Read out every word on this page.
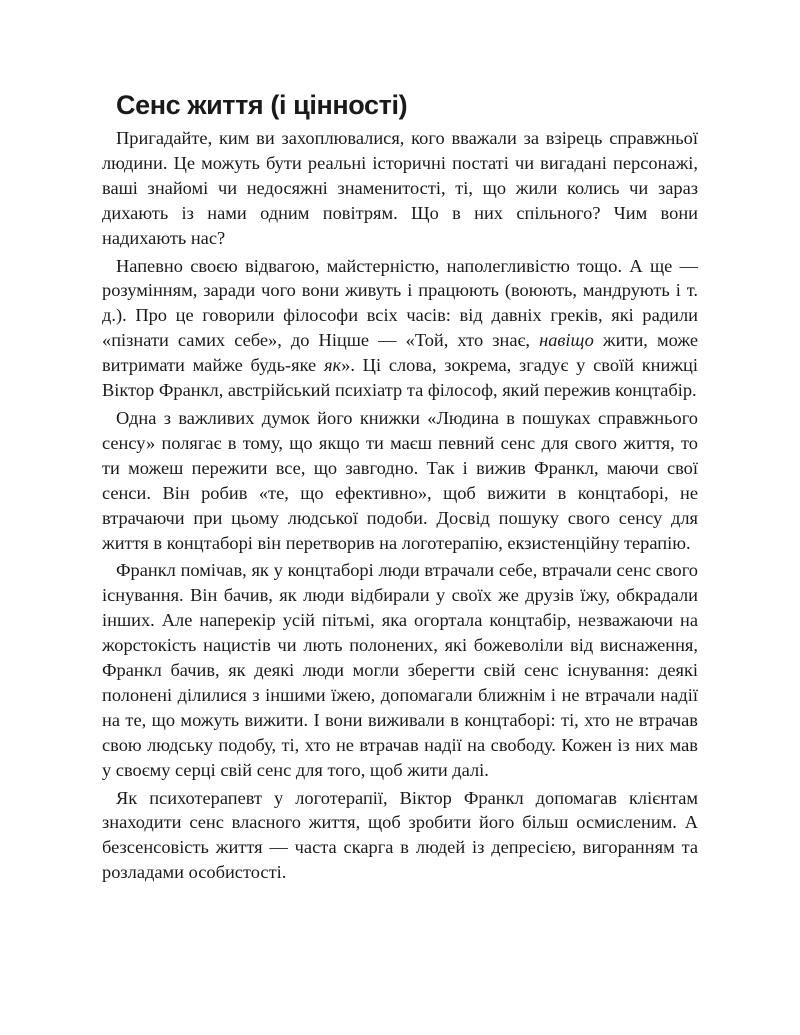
Сенс життя (і цінності)

Пригадайте, ким ви захоплювалися, кого вважали за взірець справжньої людини. Це можуть бути реальні історичні постаті чи вигадані персонажі, ваші знайомі чи недосяжні знаменитості, ті, що жили колись чи зараз дихають із нами одним повітрям. Що в них спільного? Чим вони надихають нас?

Напевно своєю відвагою, майстерністю, наполегливістю тощо. А ще — розумінням, заради чого вони живуть і працюють (воюють, мандрують і т. д.). Про це говорили філософи всіх часів: від давніх греків, які радили «пізнати самих себе», до Ніцше — «Той, хто знає, навіщо жити, може витримати майже будь-яке як». Ці слова, зокрема, згадує у своїй книжці Віктор Франкл, австрійський психіатр та філософ, який пережив концтабір.

Одна з важливих думок його книжки «Людина в пошуках справжнього сенсу» полягає в тому, що якщо ти маєш певний сенс для свого життя, то ти можеш пережити все, що завгодно. Так і вижив Франкл, маючи свої сенси. Він робив «те, що ефективно», щоб вижити в концтаборі, не втрачаючи при цьому людської подоби. Досвід пошуку свого сенсу для життя в концтаборі він перетворив на логотерапію, екзистенційну терапію.

Франкл помічав, як у концтаборі люди втрачали себе, втрачали сенс свого існування. Він бачив, як люди відбирали у своїх же друзів їжу, обкрадали інших. Але наперекір усій пітьмі, яка огортала концтабір, незважаючи на жорстокість нацистів чи лють полонених, які божеволіли від виснаження, Франкл бачив, як деякі люди могли зберегти свій сенс існування: деякі полонені ділилися з іншими їжею, допомагали ближнім і не втрачали надії на те, що можуть вижити. І вони виживали в концтаборі: ті, хто не втрачав свою людську подобу, ті, хто не втрачав надії на свободу. Кожен із них мав у своєму серці свій сенс для того, щоб жити далі.

Як психотерапевт у логотерапії, Віктор Франкл допомагав клієнтам знаходити сенс власного життя, щоб зробити його більш осмисленим. А безсенсовість життя — часта скарга в людей із депресією, вигоранням та розладами особистості.
